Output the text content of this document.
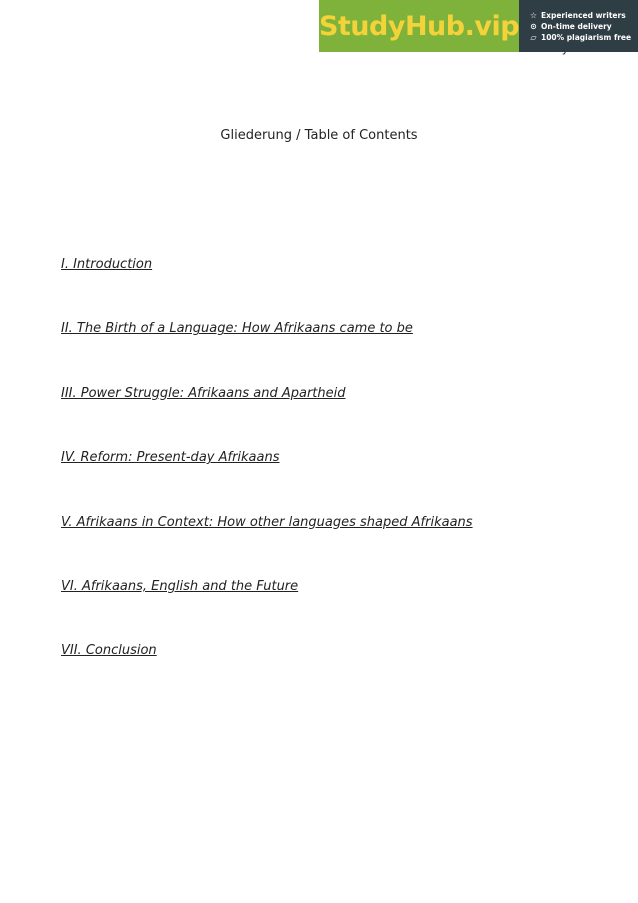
StudyHub.vip ☆ Experienced writers
⊙ On-time delivery
▱ 100% plagiarism free
Gliederung / Table of Contents
I. Introduction
II. The Birth of a Language: How Afrikaans came to be
III. Power Struggle: Afrikaans and Apartheid
IV. Reform: Present-day Afrikaans
V. Afrikaans in Context: How other languages shaped Afrikaans
VI. Afrikaans, English and the Future
VII. Conclusion
